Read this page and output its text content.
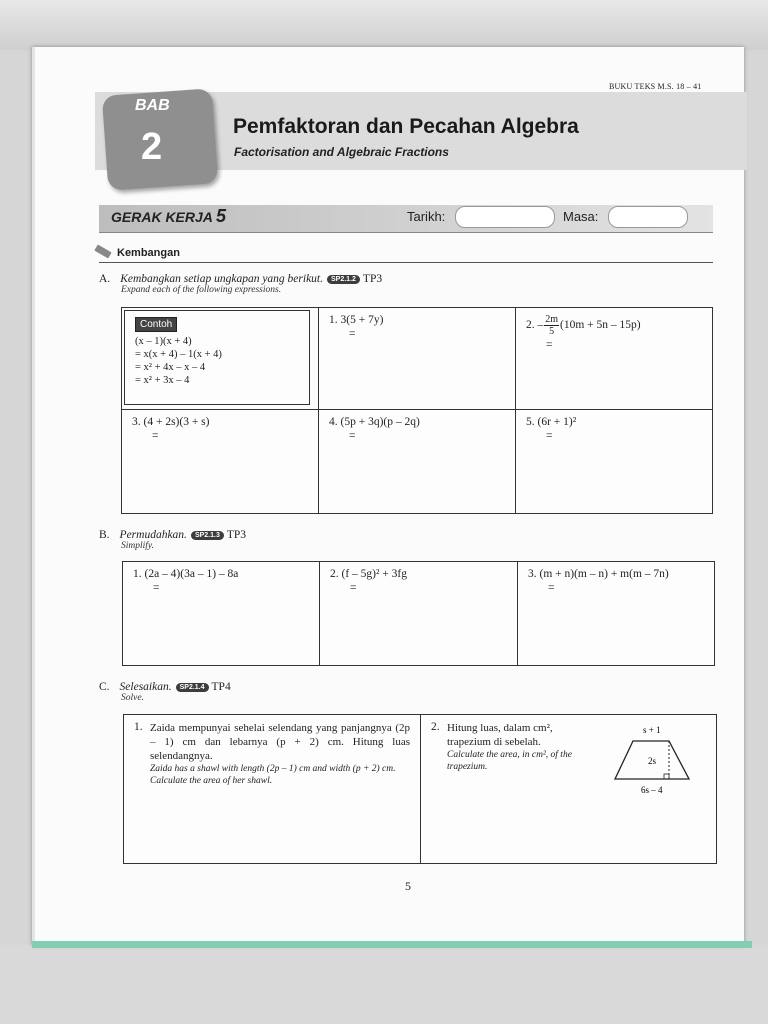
BUKU TEKS M.S. 18 – 41
BAB
2	Pemfaktoran dan Pecahan Algebra
Factorisation and Algebraic Fractions
GERAK KERJA 5	Tarikh:	Masa:
Kembangan
A. Kembangkan setiap ungkapan yang berikut. SP2.1.2 TP3
Expand each of the following expressions.
Contoh
(x – 1)(x + 4)
= x(x + 4) – 1(x + 4)
= x² + 4x – x – 4
= x² + 3x – 4
1. 3(5 + 7y)
=
2. – $\frac{2m}{5} (10m + 5n - 15p)$
=
3. (4 + 2s)(3 + s)
=
4. (5p + 3q)(p – 2q)
=
5. (6r + 1)²
=
B. Permudahkan. SP2.1.3 TP3
Simplify.
1. (2a – 4)(3a – 1) – 8a
=
2. (f – 5g)² + 3fg
=
3. (m + n)(m – n) + m(m – 7n)
=
C. Selesaikan. SP2.1.4 TP4
Solve.
1. Zaida mempunyai sehelai selendang yang panjangnya (2p – 1) cm dan lebarnya (p + 2) cm. Hitung luas selendangnya.
Zaida has a shawl with length (2p – 1) cm and width (p + 2) cm. Calculate the area of her shawl.
2. Hitung luas, dalam cm², trapezium di sebelah.
Calculate the area, in cm², of the trapezium.
s + 1
2s
6s – 4
5
